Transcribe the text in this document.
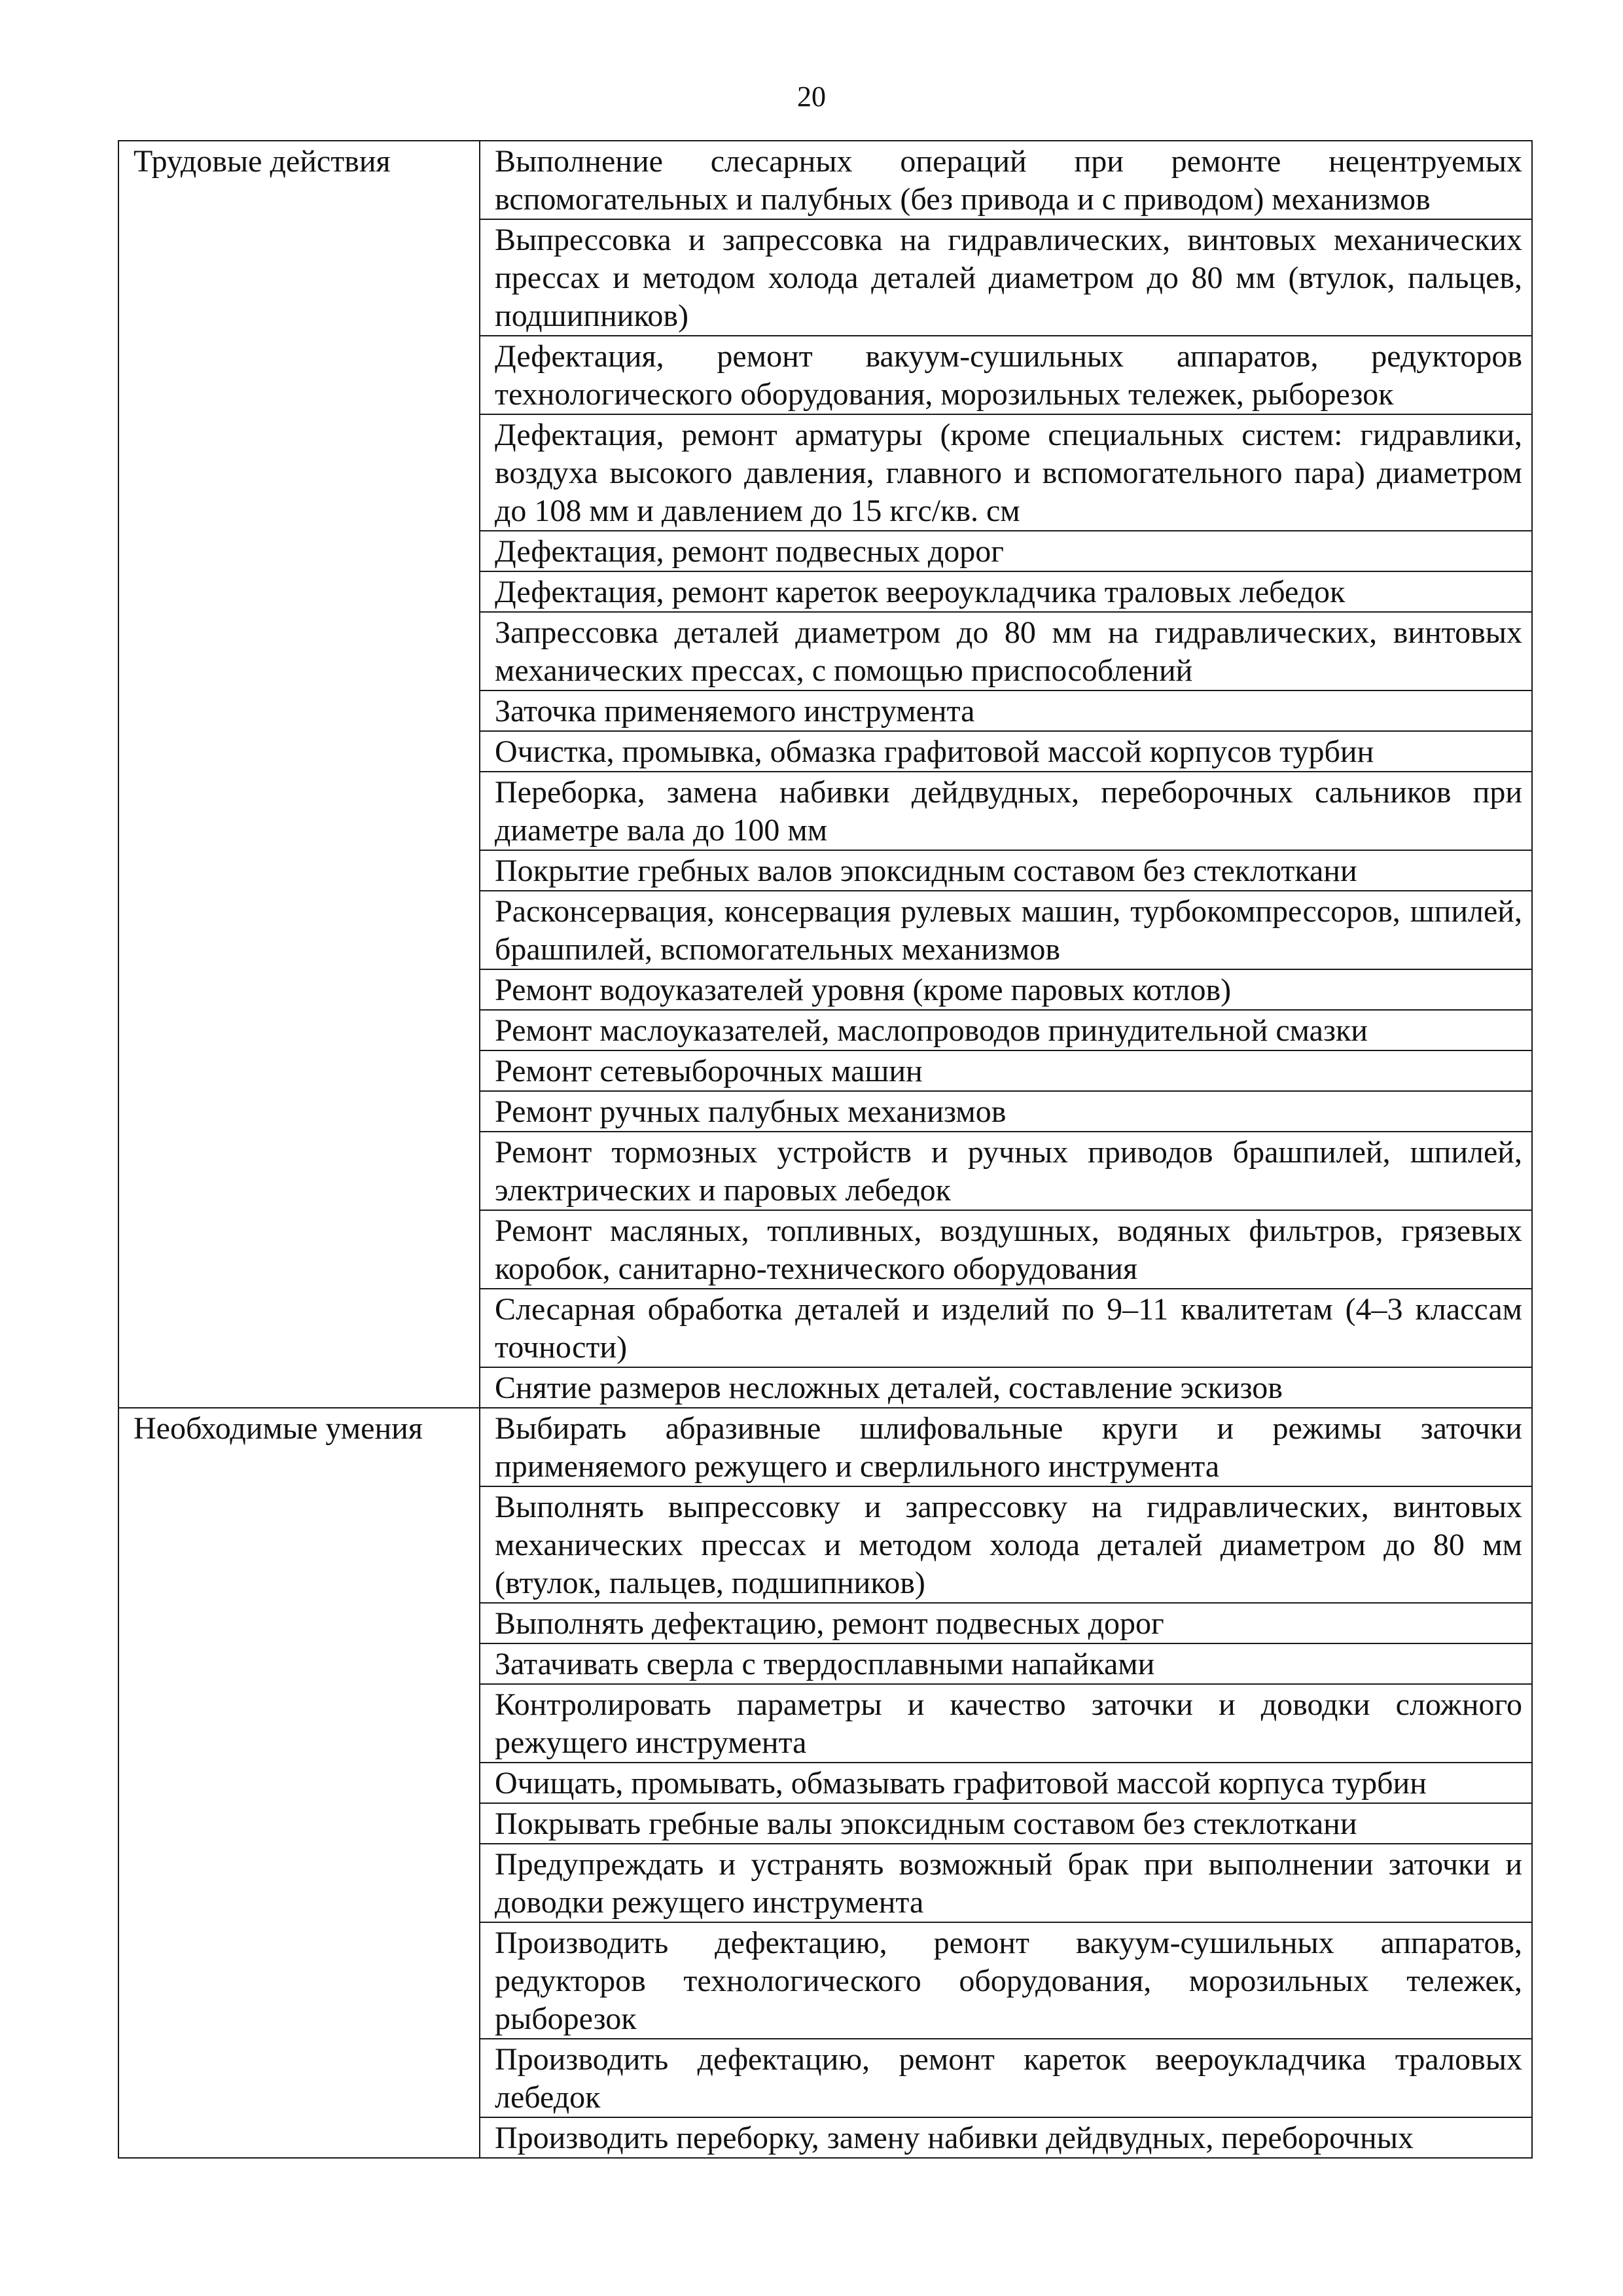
20
Трудовые действия	Выполнение слесарных операций при ремонте нецентруемых вспомогательных и палубных (без привода и с приводом) механизмов
	Выпрессовка и запрессовка на гидравлических, винтовых механических прессах и методом холода деталей диаметром до 80 мм (втулок, пальцев, подшипников)
	Дефектация, ремонт вакуум-сушильных аппаратов, редукторов технологического оборудования, морозильных тележек, рыборезок
	Дефектация, ремонт арматуры (кроме специальных систем: гидравлики, воздуха высокого давления, главного и вспомогательного пара) диаметром до 108 мм и давлением до 15 кгс/кв. см
	Дефектация, ремонт подвесных дорог
	Дефектация, ремонт кареток веероукладчика траловых лебедок
	Запрессовка деталей диаметром до 80 мм на гидравлических, винтовых механических прессах, с помощью приспособлений
	Заточка применяемого инструмента
	Очистка, промывка, обмазка графитовой массой корпусов турбин
	Переборка, замена набивки дейдвудных, переборочных сальников при диаметре вала до 100 мм
	Покрытие гребных валов эпоксидным составом без стеклоткани
	Расконсервация, консервация рулевых машин, турбокомпрессоров, шпилей, брашпилей, вспомогательных механизмов
	Ремонт водоуказателей уровня (кроме паровых котлов)
	Ремонт маслоуказателей, маслопроводов принудительной смазки
	Ремонт сетевыборочных машин
	Ремонт ручных палубных механизмов
	Ремонт тормозных устройств и ручных приводов брашпилей, шпилей, электрических и паровых лебедок
	Ремонт масляных, топливных, воздушных, водяных фильтров, грязевых коробок, санитарно-технического оборудования
	Слесарная обработка деталей и изделий по 9–11 квалитетам (4–3 классам точности)
	Снятие размеров несложных деталей, составление эскизов
Необходимые умения	Выбирать абразивные шлифовальные круги и режимы заточки применяемого режущего и сверлильного инструмента
	Выполнять выпрессовку и запрессовку на гидравлических, винтовых механических прессах и методом холода деталей диаметром до 80 мм (втулок, пальцев, подшипников)
	Выполнять дефектацию, ремонт подвесных дорог
	Затачивать сверла с твердосплавными напайками
	Контролировать параметры и качество заточки и доводки сложного режущего инструмента
	Очищать, промывать, обмазывать графитовой массой корпуса турбин
	Покрывать гребные валы эпоксидным составом без стеклоткани
	Предупреждать и устранять возможный брак при выполнении заточки и доводки режущего инструмента
	Производить дефектацию, ремонт вакуум-сушильных аппаратов, редукторов технологического оборудования, морозильных тележек, рыборезок
	Производить дефектацию, ремонт кареток веероукладчика траловых лебедок
	Производить переборку, замену набивки дейдвудных, переборочных
